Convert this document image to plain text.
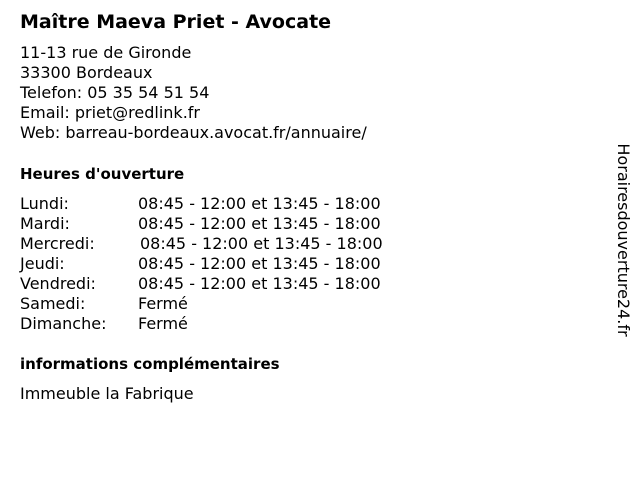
Maître Maeva Priet - Avocate
11-13 rue de Gironde
33300 Bordeaux
Telefon: 05 35 54 51 54
Email: priet@redlink.fr
Web: barreau-bordeaux.avocat.fr/annuaire/
Heures d'ouverture
Lundi:	08:45 - 12:00 et 13:45 - 18:00
Mardi:	08:45 - 12:00 et 13:45 - 18:00
Mercredi:	08:45 - 12:00 et 13:45 - 18:00
Jeudi:	08:45 - 12:00 et 13:45 - 18:00
Vendredi:	08:45 - 12:00 et 13:45 - 18:00
Samedi:	Fermé
Dimanche:	Fermé
informations complémentaires
Immeuble la Fabrique
Horairesdouverture24.fr
